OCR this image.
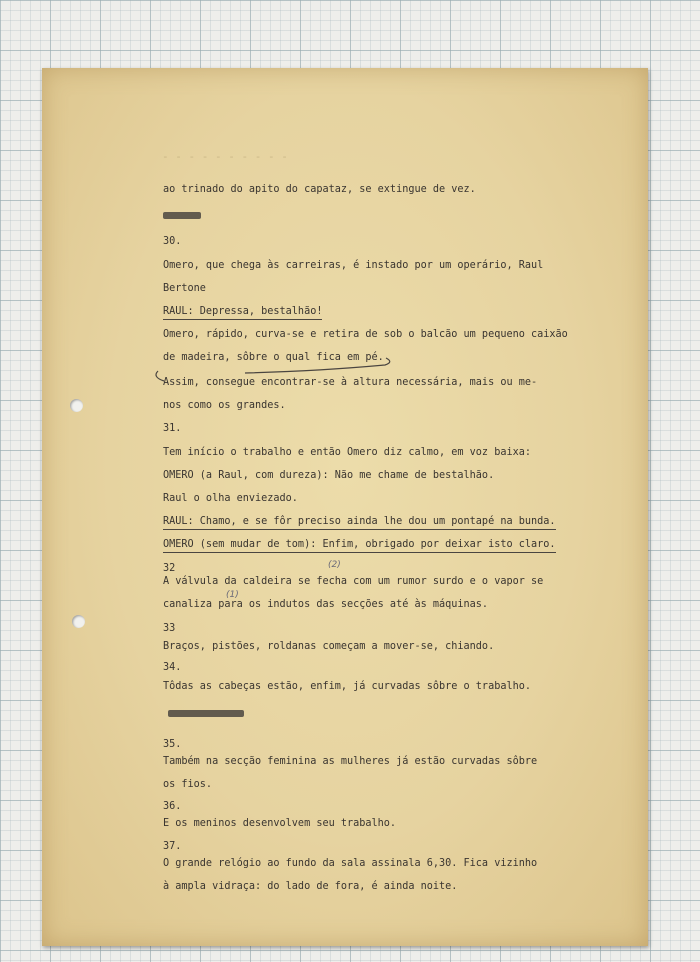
- - - - - - - - - -
ao trinado do apito do capataz, se extingue de vez.
30.
Omero, que chega às carreiras, é instado por um operário, Raul
Bertone
RAUL: Depressa, bestalhão!
Omero, rápido, curva-se e retira de sob o balcão um pequeno caixão
de madeira, sôbre o qual fica em pé.
Assim, consegue encontrar-se à altura necessária, mais ou me-
nos como os grandes.
31.
Tem início o trabalho e então Omero diz calmo, em voz baixa:
OMERO (a Raul, com dureza): Não me chame de bestalhão.
Raul o olha enviezado.
RAUL: Chamo, e se fôr preciso ainda lhe dou um pontapé na bunda.
OMERO (sem mudar de tom): Enfim, obrigado por deixar isto claro.
32	(2)
A válvula da caldeira se fecha com um rumor surdo e o vapor se
(1)
canaliza para os indutos das secções até às máquinas.
33
Braços, pistões, roldanas começam a mover-se, chiando.
34.
Tôdas as cabeças estão, enfim, já curvadas sôbre o trabalho.
35.
Também na secção feminina as mulheres já estão curvadas sôbre
os fios.
36.
E os meninos desenvolvem seu trabalho.
37.
O grande relógio ao fundo da sala assinala 6,30. Fica vizinho
à ampla vidraça: do lado de fora, é ainda noite.
